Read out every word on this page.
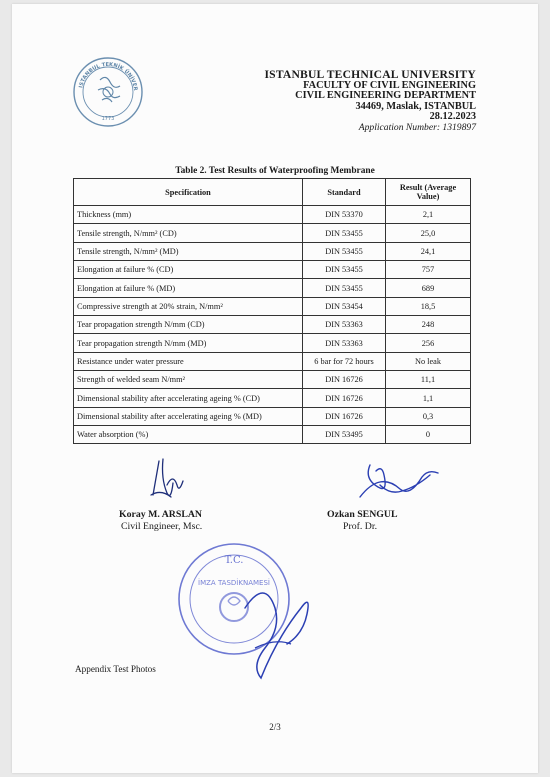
ISTANBUL TEKNİK ÜNİVER
1773
ISTANBUL TECHNICAL UNIVERSITY
FACULTY OF CIVIL ENGINEERING
CIVIL ENGINEERING DEPARTMENT
34469, Maslak, ISTANBUL
28.12.2023
Application Number: 1319897
Table 2. Test Results of Waterproofing Membrane
Specification	Standard	Result (Average Value)
Thickness (mm)	DIN 53370	2,1
Tensile strength, N/mm² (CD)	DIN 53455	25,0
Tensile strength, N/mm² (MD)	DIN 53455	24,1
Elongation at failure % (CD)	DIN 53455	757
Elongation at failure % (MD)	DIN 53455	689
Compressive strength at 20% strain, N/mm²	DIN 53454	18,5
Tear propagation strength N/mm (CD)	DIN 53363	248
Tear propagation strength N/mm (MD)	DIN 53363	256
Resistance under water pressure	6 bar for 72 hours	No leak
Strength of welded seam N/mm²	DIN 16726	11,1
Dimensional stability after accelerating ageing % (CD)	DIN 16726	1,1
Dimensional stability after accelerating ageing % (MD)	DIN 16726	0,3
Water absorption (%)	DIN 53495	0
Koray M. ARSLAN
Civil Engineer, Msc.
Ozkan SENGUL
Prof. Dr.
T.C.
İMZA TASDİKNAMESİ
Appendix Test Photos
2/3
